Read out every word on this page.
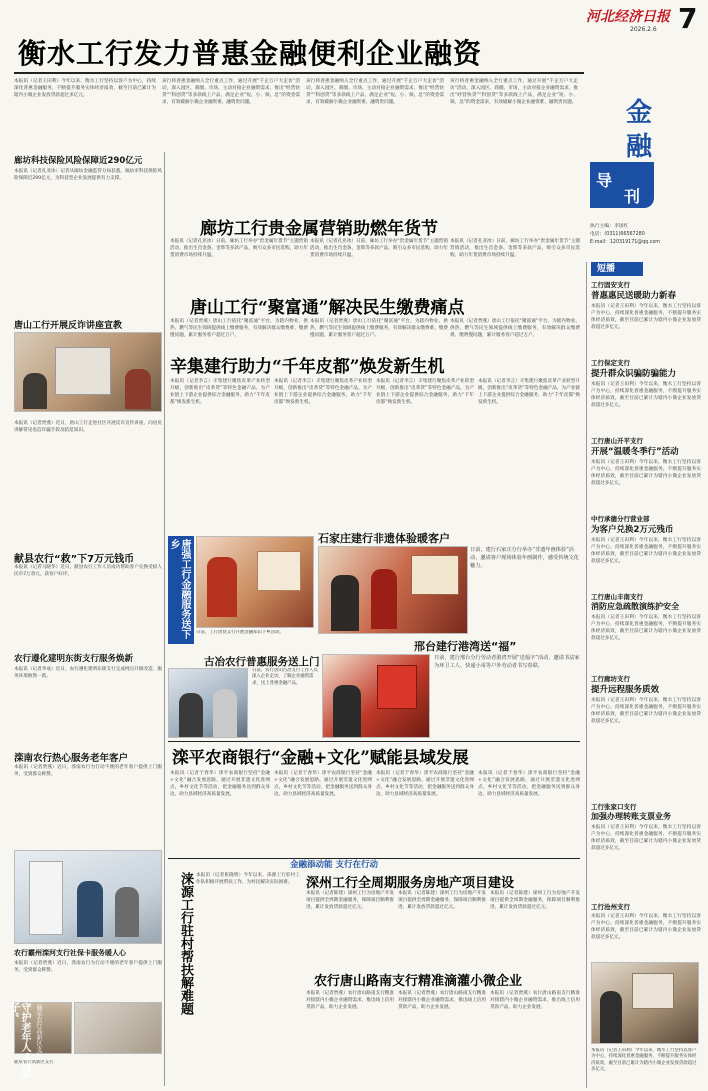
河北经济日报
2026.2.6 7
衡水工行发力普惠金融便利企业融资
本报讯（记者王田利）今年以来，衡水工行坚持以客户为中心，持续深化普惠金融服务，不断提升服务实体经济质效，截至目前已累计为辖内小微企业发放贷款超过多亿元。
该行将普惠金融纳入全行重点工作，通过开展“千企万户大走访”活动，深入园区、商圈、市场，主动对接企业融资需求，推出“经营快贷”“科创贷”等多款线上产品，满足企业“短、小、频、急”的资金需求，有效破解小微企业融资难、融资贵问题。
该行将普惠金融纳入全行重点工作，通过开展“千企万户大走访”活动，深入园区、商圈、市场，主动对接企业融资需求，推出“经营快贷”“科创贷”等多款线上产品，满足企业“短、小、频、急”的资金需求，有效破解小微企业融资难、融资贵问题。
该行将普惠金融纳入全行重点工作，通过开展“千企万户大走访”活动，深入园区、商圈、市场，主动对接企业融资需求，推出“经营快贷”“科创贷”等多款线上产品，满足企业“短、小、频、急”的资金需求，有效破解小微企业融资难、融资贵问题。
廊坊科技保险风险保障近290亿元
本报讯（记者孔亚冰）记者从廊坊金融监管分局获悉，廊坊市科技保险风险保障近290亿元，为科技型企业发展提供有力支撑。
唐山工行开展反诈讲座宣教
本报讯（记者贾燕）近日，唐山工行走进社区开展反诈宣传讲座，向居民讲解常见电信诈骗手段及防范知识。
献县农行“救”下7万元钱币
本报讯（记者马晓华）近日，献县农行工作人员成功帮助客户兑换受损人民币7万余元，获客户好评。
农行遵化建明东街支行服务焕新
本报讯（记者李成）近日，农行遵化建明东街支行完成网点升级改造，服务环境焕然一新。
滦南农行热心服务老年客户
本报讯（记者贾燕）近日，滦南农行为行动不便的老年客户提供上门服务，受到群众称赞。
农行霸州滦河支行社保卡服务暖人心
本报讯（记者贾燕）近日，滦南农行为行动不便的老年客户提供上门服务，受到群众称赞。
守护老年人“钱袋子”	鹿泉农行高新区支行
鹿泉农行高新区支行
廊坊工行贵金属营销助燃年货节
本报讯（记者孔亚冰）日前，廊坊工行举办“贵金属年货节”主题营销活动，推出生肖金条、金饰等多款产品，吸引众多市民选购，助力年货消费市场持续升温。
本报讯（记者孔亚冰）日前，廊坊工行举办“贵金属年货节”主题营销活动，推出生肖金条、金饰等多款产品，吸引众多市民选购，助力年货消费市场持续升温。
本报讯（记者孔亚冰）日前，廊坊工行举办“贵金属年货节”主题营销活动，推出生肖金条、金饰等多款产品，吸引众多市民选购，助力年货消费市场持续升温。
唐山工行“聚富通”解决民生缴费痛点
本报讯（记者贾燕）唐山工行依托“聚富通”平台，为辖内物业、供热、燃气等民生领域提供线上缴费服务，有效解决群众缴费难、缴费慢问题，累计服务客户超过万户。
本报讯（记者贾燕）唐山工行依托“聚富通”平台，为辖内物业、供热、燃气等民生领域提供线上缴费服务，有效解决群众缴费难、缴费慢问题，累计服务客户超过万户。
本报讯（记者贾燕）唐山工行依托“聚富通”平台，为辖内物业、供热、燃气等民生领域提供线上缴费服务，有效解决群众缴费难、缴费慢问题，累计服务客户超过万户。
辛集建行助力“千年皮都”焕发新生机
本报讯（记者李言）辛集建行聚焦皮革产业转型升级，创新推出“皮革贷”等特色金融产品，为产业链上下游企业提供综合金融服务，助力“千年皮都”焕发新生机。
本报讯（记者李言）辛集建行聚焦皮革产业转型升级，创新推出“皮革贷”等特色金融产品，为产业链上下游企业提供综合金融服务，助力“千年皮都”焕发新生机。
本报讯（记者李言）辛集建行聚焦皮革产业转型升级，创新推出“皮革贷”等特色金融产品，为产业链上下游企业提供综合金融服务，助力“千年皮都”焕发新生机。
本报讯（记者李言）辛集建行聚焦皮革产业转型升级，创新推出“皮革贷”等特色金融产品，为产业链上下游企业提供综合金融服务，助力“千年皮都”焕发新生机。
唐强工行金融服务送下乡
日前，工行唐县支行开展金融知识下乡活动。
石家庄建行非遗体验暖客户
日前，建行石家庄分行举办“非遗年画体验”活动，邀请客户现场体验年画制作，感受传统文化魅力。
古冶农行普惠服务送上门
日前，农行唐山古冶支行工作人员深入企业走访，了解企业融资需求，送上普惠金融产品。
邢台建行港湾送“福”
日前，建行邢台分行劳动者港湾开展“送福字”活动，邀请书法家为环卫工人、快递小哥等户外劳动者书写春联。
滦平农商银行“金融+文化”赋能县域发展
本报讯（记者于春华）滦平农商银行坚持“金融+文化”融合发展思路，通过开展非遗文化进网点、乡村文化节等活动，把金融服务送到群众身边，助力县域经济高质量发展。
本报讯（记者于春华）滦平农商银行坚持“金融+文化”融合发展思路，通过开展非遗文化进网点、乡村文化节等活动，把金融服务送到群众身边，助力县域经济高质量发展。
本报讯（记者于春华）滦平农商银行坚持“金融+文化”融合发展思路，通过开展非遗文化进网点、乡村文化节等活动，把金融服务送到群众身边，助力县域经济高质量发展。
本报讯（记者于春华）滦平农商银行坚持“金融+文化”融合发展思路，通过开展非遗文化进网点、乡村文化节等活动，把金融服务送到群众身边，助力县域经济高质量发展。
金融添动能 支行在行动
涞源工行驻村帮扶解难题 本报讯（记者崔晓明）今年以来，涞源工行驻村工作队积极开展帮扶工作，为村民解决实际困难。	深州工行全周期服务房地产项目建设
本报讯（记者陈建）深州工行为房地产开发项目提供全周期金融服务，保障项目顺利推进，累计发放贷款超过亿元。
本报讯（记者陈建）深州工行为房地产开发项目提供全周期金融服务，保障项目顺利推进，累计发放贷款超过亿元。
本报讯（记者陈建）深州工行为房地产开发项目提供全周期金融服务，保障项目顺利推进，累计发放贷款超过亿元。
农行唐山路南支行精准滴灌小微企业
本报讯（记者贾燕）农行唐山路南支行精准对接辖内小微企业融资需求，推出线上信用贷款产品，助力企业发展。
本报讯（记者贾燕）农行唐山路南支行精准对接辖内小微企业融资需求，推出线上信用贷款产品，助力企业发展。
本报讯（记者贾燕）农行唐山路南支行精准对接辖内小微企业融资需求，推出线上信用贷款产品，助力企业发展。
金
融
导
刊
执行主编：李国红
电话：(0311)66567280
E-mail：120319171@qq.com
短播
工行固安支行
普惠惠民送暖助力新春
本报讯（记者王田利）今年以来，衡水工行坚持以客户为中心，持续深化普惠金融服务，不断提升服务实体经济质效，截至目前已累计为辖内小微企业发放贷款超过多亿元。
工行保定支行
提升群众识骗防骗能力
本报讯（记者王田利）今年以来，衡水工行坚持以客户为中心，持续深化普惠金融服务，不断提升服务实体经济质效，截至目前已累计为辖内小微企业发放贷款超过多亿元。
工行唐山开平支行
开展“温暖冬季行”活动
本报讯（记者王田利）今年以来，衡水工行坚持以客户为中心，持续深化普惠金融服务，不断提升服务实体经济质效，截至目前已累计为辖内小微企业发放贷款超过多亿元。
中行承德分行营业部
为客户兑换2万元残币
本报讯（记者王田利）今年以来，衡水工行坚持以客户为中心，持续深化普惠金融服务，不断提升服务实体经济质效，截至目前已累计为辖内小微企业发放贷款超过多亿元。
工行唐山丰南支行
消防应急疏散演练护安全
本报讯（记者王田利）今年以来，衡水工行坚持以客户为中心，持续深化普惠金融服务，不断提升服务实体经济质效，截至目前已累计为辖内小微企业发放贷款超过多亿元。
工行廊坊支行
提升远程服务质效
本报讯（记者王田利）今年以来，衡水工行坚持以客户为中心，持续深化普惠金融服务，不断提升服务实体经济质效，截至目前已累计为辖内小微企业发放贷款超过多亿元。
工行张家口支行
加强办理转账支票业务
本报讯（记者王田利）今年以来，衡水工行坚持以客户为中心，持续深化普惠金融服务，不断提升服务实体经济质效，截至目前已累计为辖内小微企业发放贷款超过多亿元。
工行沧州支行
本报讯（记者王田利）今年以来，衡水工行坚持以客户为中心，持续深化普惠金融服务，不断提升服务实体经济质效，截至目前已累计为辖内小微企业发放贷款超过多亿元。
本报讯（记者王田利）今年以来，衡水工行坚持以客户为中心，持续深化普惠金融服务，不断提升服务实体经济质效，截至目前已累计为辖内小微企业发放贷款超过多亿元。
